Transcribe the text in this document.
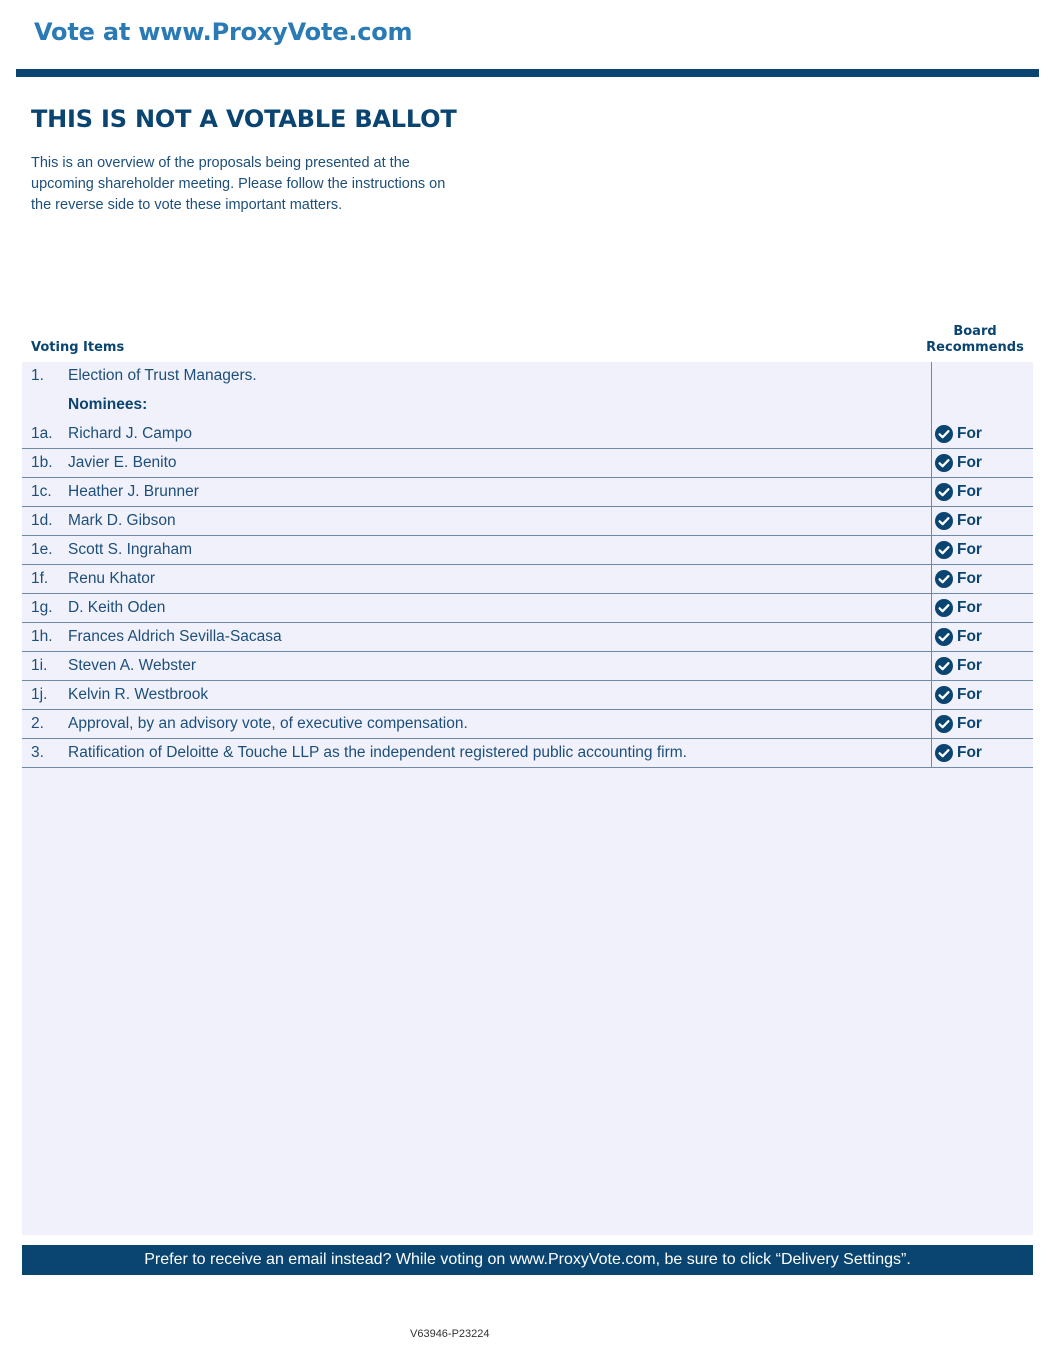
Vote at www.ProxyVote.com
THIS IS NOT A VOTABLE BALLOT
This is an overview of the proposals being presented at the
upcoming shareholder meeting. Please follow the instructions on
the reverse side to vote these important matters.
Voting Items
Board
Recommends
1. Election of Trust Managers.
Nominees:
1a. Richard J. Campo	For
1b. Javier E. Benito	For
1c. Heather J. Brunner	For
1d. Mark D. Gibson	For
1e. Scott S. Ingraham	For
1f. Renu Khator	For
1g. D. Keith Oden	For
1h. Frances Aldrich Sevilla-Sacasa	For
1i. Steven A. Webster	For
1j. Kelvin R. Westbrook	For
2. Approval, by an advisory vote, of executive compensation.	For
3. Ratification of Deloitte & Touche LLP as the independent registered public accounting firm.	For
Prefer to receive an email instead? While voting on www.ProxyVote.com, be sure to click “Delivery Settings”.
V63946-P23224
